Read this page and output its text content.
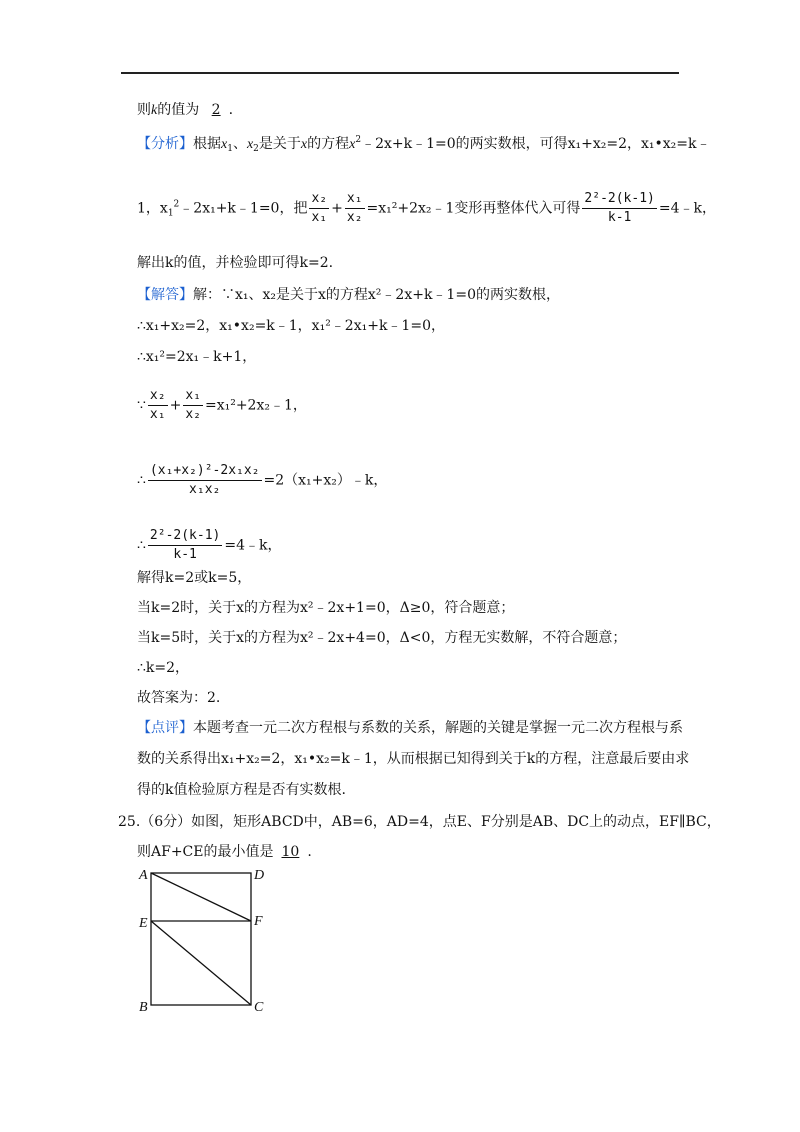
则k的值为 2 .
【分析】根据$x_1$、$x_2$是关于x的方程$x^2﹣2x+k﹣1=0$的两实数根，可得x₁+x₂=2，x₁•x₂=k﹣
1，$x_1^2﹣2x_1+k﹣1=0$，把 $\frac{\text{x₂}}{\text{x₁}} + \frac{\text{x₁}}{\text{x₂}}$ =x₁²+2x₂﹣1变形再整体代入可得 $\frac{\text{2²-2(k-1)}}{k-1}$ =4﹣k，
解出k的值，并检验即可得k=2.
【解答】解：∵x₁、x₂是关于x的方程x²﹣2x+k﹣1=0的两实数根，
∴x₁+x₂=2，x₁•x₂=k﹣1，x₁²﹣2x₁+k﹣1=0，
∴x₁²=2x₁﹣k+1，
∵ $\frac{\text{x₂}}{\text{x₁}} + \frac{\text{x₁}}{\text{x₂}}$ =x₁²+2x₂﹣1，
∴ $\frac{\text{(x₁+x₂)²-2x₁x₂}}{\text{x₁x₂}}$ =2（x₁+x₂）﹣k，
∴ $\frac{\text{2²-2(k-1)}}{k-1}$ =4﹣k，
解得k=2或k=5，
当k=2时，关于x的方程为x²﹣2x+1=0，Δ≥0，符合题意；
当k=5时，关于x的方程为x²﹣2x+4=0，Δ<0，方程无实数解，不符合题意；
∴k=2，
故答案为：2.
【点评】本题考查一元二次方程根与系数的关系，解题的关键是掌握一元二次方程根与系
数的关系得出x₁+x₂=2，x₁•x₂=k﹣1，从而根据已知得到关于k的方程，注意最后要由求
得的k值检验原方程是否有实数根.
25.（6分）如图，矩形ABCD中，AB=6，AD=4，点E、F分别是AB、DC上的动点，EF∥BC，
则AF+CE的最小值是 10 .
A	D
E	F
B	C
